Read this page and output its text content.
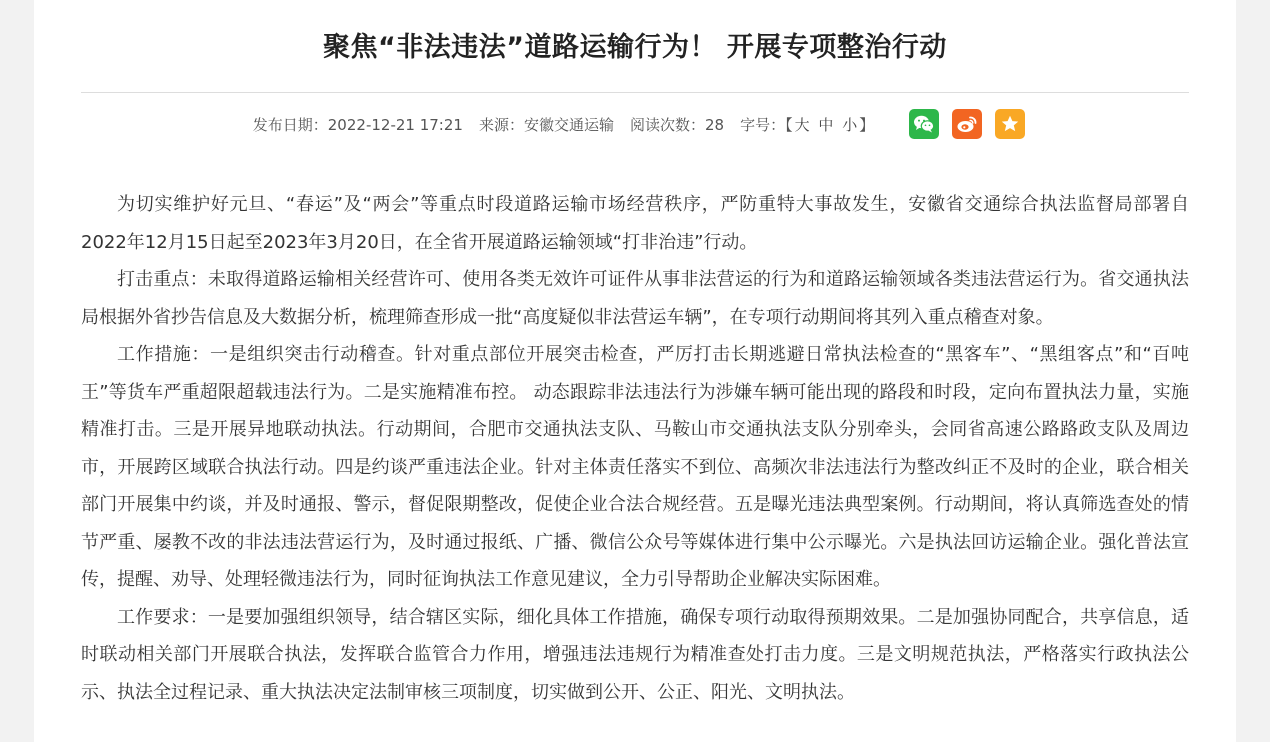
聚焦“非法违法”道路运输行为！ 开展专项整治行动
发布日期：2022-12-21 17:21 来源：安徽交通运输 阅读次数：28 字号：【 大 中 小 】

为切实维护好元旦、“春运”及“两会”等重点时段道路运输市场经营秩序，严防重特大事故发生，安徽省交通综合执法监督局部署自2022年12月15日起至2023年3月20日，在全省开展道路运输领域“打非治违”行动。

打击重点：未取得道路运输相关经营许可、使用各类无效许可证件从事非法营运的行为和道路运输领域各类违法营运行为。省交通执法局根据外省抄告信息及大数据分析，梳理筛查形成一批“高度疑似非法营运车辆”，在专项行动期间将其列入重点稽查对象。

工作措施：一是组织突击行动稽查。针对重点部位开展突击检查，严厉打击长期逃避日常执法检查的“黑客车”、“黑组客点”和“百吨王”等货车严重超限超载违法行为。二是实施精准布控。 动态跟踪非法违法行为涉嫌车辆可能出现的路段和时段，定向布置执法力量，实施精准打击。三是开展异地联动执法。行动期间，合肥市交通执法支队、马鞍山市交通执法支队分别牵头，会同省高速公路路政支队及周边市，开展跨区域联合执法行动。四是约谈严重违法企业。针对主体责任落实不到位、高频次非法违法行为整改纠正不及时的企业，联合相关部门开展集中约谈，并及时通报、警示，督促限期整改，促使企业合法合规经营。五是曝光违法典型案例。行动期间，将认真筛选查处的情节严重、屡教不改的非法违法营运行为，及时通过报纸、广播、微信公众号等媒体进行集中公示曝光。六是执法回访运输企业。强化普法宣传，提醒、劝导、处理轻微违法行为，同时征询执法工作意见建议，全力引导帮助企业解决实际困难。

工作要求：一是要加强组织领导，结合辖区实际，细化具体工作措施，确保专项行动取得预期效果。二是加强协同配合，共享信息，适时联动相关部门开展联合执法，发挥联合监管合力作用，增强违法违规行为精准查处打击力度。三是文明规范执法，严格落实行政执法公示、执法全过程记录、重大执法决定法制审核三项制度，切实做到公开、公正、阳光、文明执法。
